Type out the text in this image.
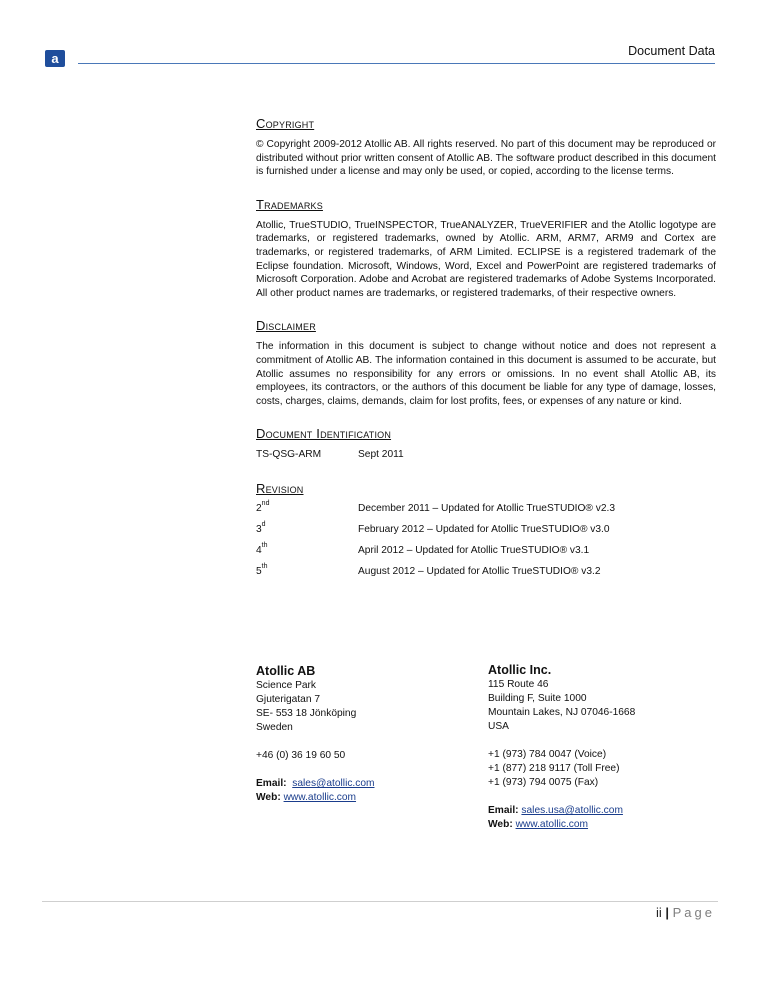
a	Document Data
Copyright

© Copyright 2009-2012 Atollic AB. All rights reserved. No part of this document may be reproduced or distributed without prior written consent of Atollic AB. The software product described in this document is furnished under a license and may only be used, or copied, according to the license terms.

Trademarks

Atollic, TrueSTUDIO, TrueINSPECTOR, TrueANALYZER, TrueVERIFIER and the Atollic logotype are trademarks, or registered trademarks, owned by Atollic. ARM, ARM7, ARM9 and Cortex are trademarks, or registered trademarks, of ARM Limited. ECLIPSE is a registered trademark of the Eclipse foundation. Microsoft, Windows, Word, Excel and PowerPoint are registered trademarks of Microsoft Corporation. Adobe and Acrobat are registered trademarks of Adobe Systems Incorporated. All other product names are trademarks, or registered trademarks, of their respective owners.

Disclaimer

The information in this document is subject to change without notice and does not represent a commitment of Atollic AB. The information contained in this document is assumed to be accurate, but Atollic assumes no responsibility for any errors or omissions. In no event shall Atollic AB, its employees, its contractors, or the authors of this document be liable for any type of damage, losses, costs, charges, claims, demands, claim for lost profits, fees, or expenses of any nature or kind.

Document Identification
TS-QSG-ARM	Sept 2011
Revision
2nd	December 2011 – Updated for Atollic TrueSTUDIO® v2.3
3$^d$	February 2012 – Updated for Atollic TrueSTUDIO® v3.0
4th	April 2012 – Updated for Atollic TrueSTUDIO® v3.1
5th	August 2012 – Updated for Atollic TrueSTUDIO® v3.2
Atollic AB
Science Park
Gjuterigatan 7
SE- 553 18 Jönköping
Sweden
+46 (0) 36 19 60 50
Email: sales@atollic.com
Web: www.atollic.com
Atollic Inc.
115 Route 46
Building F, Suite 1000
Mountain Lakes, NJ 07046-1668
USA
+1 (973) 784 0047 (Voice)
+1 (877) 218 9117 (Toll Free)
+1 (973) 794 0075 (Fax)
Email: sales.usa@atollic.com
Web: www.atollic.com
ii | Page
